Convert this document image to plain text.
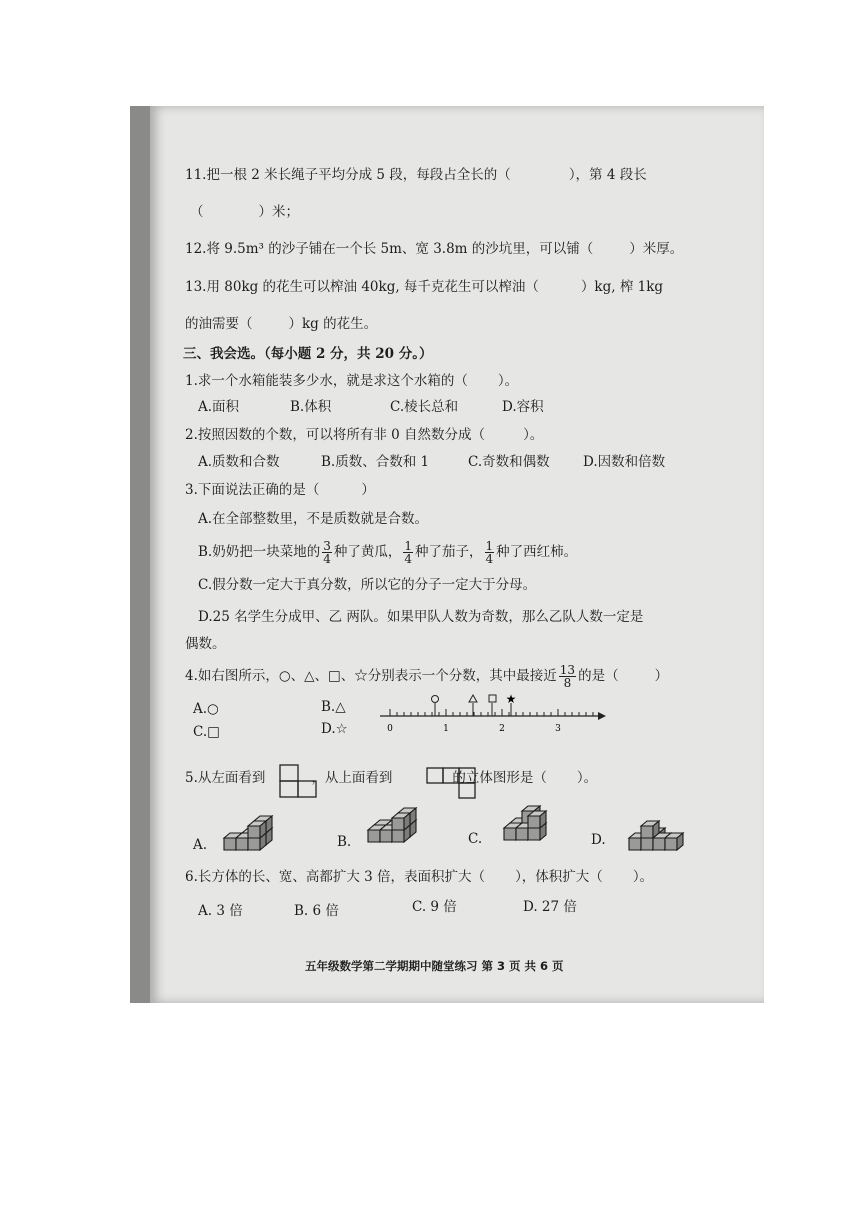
11.把一根 2 米长绳子平均分成 5 段，每段占全长的（	），第 4 段长
（	）米；
12.将 9.5m³ 的沙子铺在一个长 5m、宽 3.8m 的沙坑里，可以铺（	）米厚。
13.用 80kg 的花生可以榨油 40kg, 每千克花生可以榨油（	）kg, 榨 1kg
的油需要（	）kg 的花生。
三、我会选。（每小题 2 分，共 20 分。）
1.求一个水箱能装多少水，就是求这个水箱的（ ）。
A.面积	B.体积	C.棱长总和	D.容积
2.按照因数的个数，可以将所有非 0 自然数分成（	）。
A.质数和合数	B.质数、合数和 1	C.奇数和偶数 D.因数和倍数
3.下面说法正确的是（	）
A.在全部整数里，不是质数就是合数。
B.奶奶把一块菜地的 $\frac{3}{4}$ 种了黄瓜， $\frac{1}{4}$ 种了茄子， $\frac{1}{4}$ 种了西红柿。
C.假分数一定大于真分数，所以它的分子一定大于分母。
D.25 名学生分成甲、乙 两队。如果甲队人数为奇数，那么乙队人数一定是
偶数。
4.如右图所示，○、△、□、☆分别表示一个分数，其中最接近 $\frac{13}{8}$ 的是（	）
A.○	B.△
C.□	D.☆
★
0	1	2	3
5.从左面看到	，从上面看到	的立体图形是（ ）。
A.	B.	C.	D.
6.长方体的长、宽、高都扩大 3 倍，表面积扩大（ ），体积扩大（ ）。
A. 3 倍	B. 6 倍	C. 9 倍	D. 27 倍
五年级数学第二学期期中随堂练习 第 3 页 共 6 页
